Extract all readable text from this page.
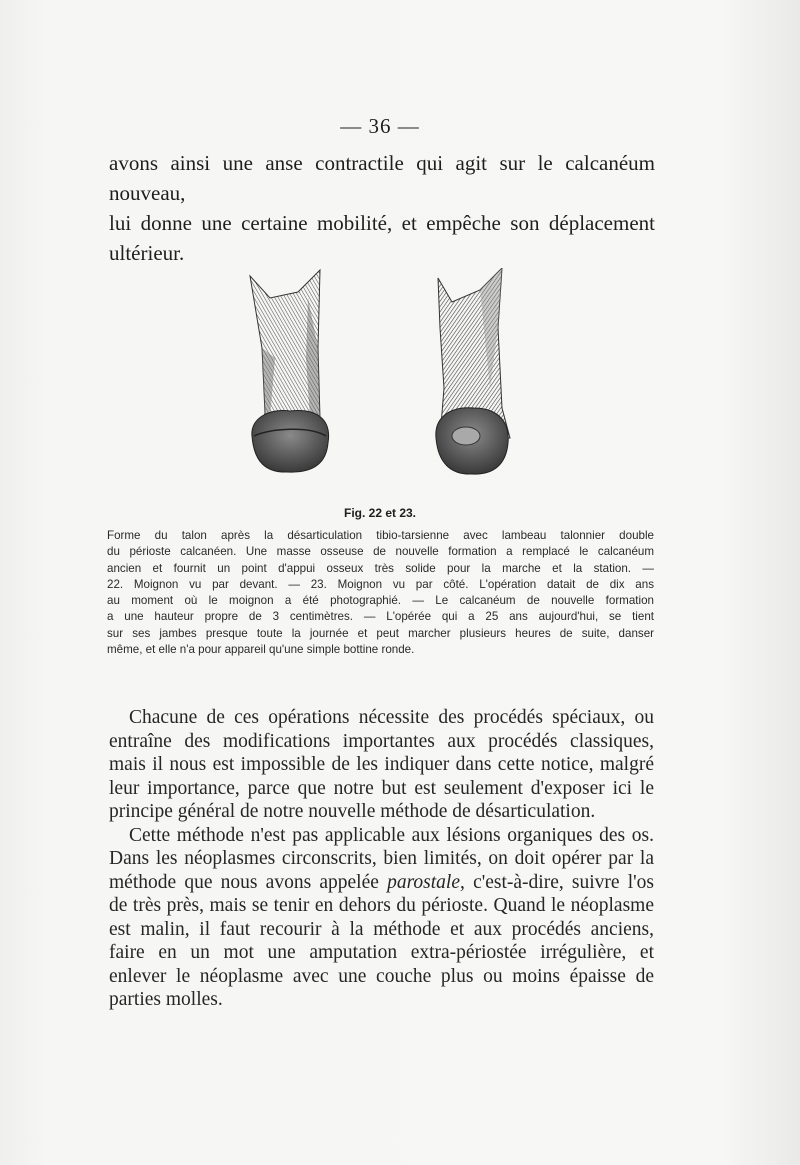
— 36 —
avons ainsi une anse contractile qui agit sur le calcanéum nouveau,
lui donne une certaine mobilité, et empêche son déplacement
ultérieur.
Fig. 22 et 23.
Forme du talon après la désarticulation tibio-tarsienne avec lambeau talonnier double
du périoste calcanéen. Une masse osseuse de nouvelle formation a remplacé le calcanéum
ancien et fournit un point d'appui osseux très solide pour la marche et la station. —
22. Moignon vu par devant. — 23. Moignon vu par côté. L'opération datait de dix ans
au moment où le moignon a été photographié. — Le calcanéum de nouvelle formation
a une hauteur propre de 3 centimètres. — L'opérée qui a 25 ans aujourd'hui, se tient
sur ses jambes presque toute la journée et peut marcher plusieurs heures de suite, danser
même, et elle n'a pour appareil qu'une simple bottine ronde.
Chacune de ces opérations nécessite des procédés spéciaux, ou
entraîne des modifications importantes aux procédés classiques,
mais il nous est impossible de les indiquer dans cette notice, malgré
leur importance, parce que notre but est seulement d'exposer ici le
principe général de notre nouvelle méthode de désarticulation.
Cette méthode n'est pas applicable aux lésions organiques des os.
Dans les néoplasmes circonscrits, bien limités, on doit opérer par la
méthode que nous avons appelée parostale, c'est-à-dire, suivre l'os
de très près, mais se tenir en dehors du périoste. Quand le néoplasme
est malin, il faut recourir à la méthode et aux procédés anciens,
faire en un mot une amputation extra-périostée irrégulière, et
enlever le néoplasme avec une couche plus ou moins épaisse de
parties molles.
